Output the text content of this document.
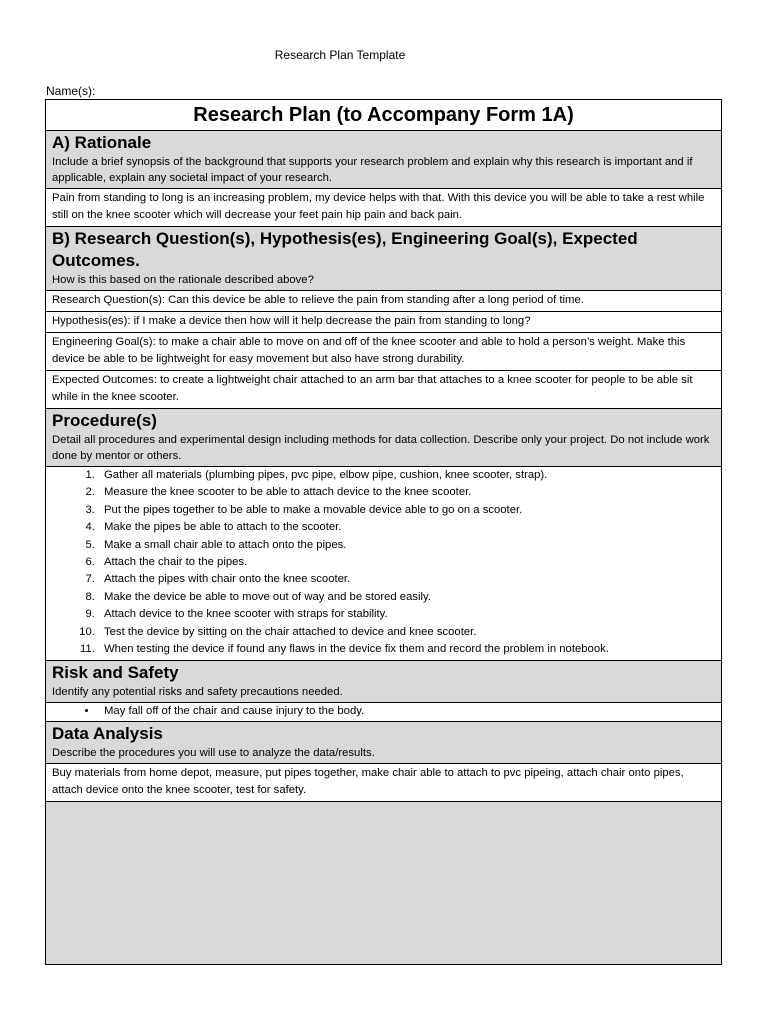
Research Plan Template
Name(s):
Research Plan (to Accompany Form 1A)
A) Rationale
Include a brief synopsis of the background that supports your research problem and explain why this research is important and if applicable, explain any societal impact of your research.
Pain from standing to long is an increasing problem, my device helps with that. With this device you will be able to take a rest while still on the knee scooter which will decrease your feet pain hip pain and back pain.
B) Research Question(s), Hypothesis(es), Engineering Goal(s), Expected Outcomes.
How is this based on the rationale described above?
Research Question(s): Can this device be able to relieve the pain from standing after a long period of time.
Hypothesis(es): if I make a device then how will it help decrease the pain from standing to long?
Engineering Goal(s): to make a chair able to move on and off of the knee scooter and able to hold a person’s weight. Make this device be able to be lightweight for easy movement but also have strong durability.
Expected Outcomes: to create a lightweight chair attached to an arm bar that attaches to a knee scooter for people to be able sit while in the knee scooter.
Procedure(s)
Detail all procedures and experimental design including methods for data collection. Describe only your project. Do not include work done by mentor or others.
1. Gather all materials (plumbing pipes, pvc pipe, elbow pipe, cushion, knee scooter, strap).
2. Measure the knee scooter to be able to attach device to the knee scooter.
3. Put the pipes together to be able to make a movable device able to go on a scooter.
4. Make the pipes be able to attach to the scooter.
5. Make a small chair able to attach onto the pipes.
6. Attach the chair to the pipes.
7. Attach the pipes with chair onto the knee scooter.
8. Make the device be able to move out of way and be stored easily.
9. Attach device to the knee scooter with straps for stability.
10. Test the device by sitting on the chair attached to device and knee scooter.
11. When testing the device if found any flaws in the device fix them and record the problem in notebook.
Risk and Safety
Identify any potential risks and safety precautions needed.
• May fall off of the chair and cause injury to the body.
Data Analysis
Describe the procedures you will use to analyze the data/results.
Buy materials from home depot, measure, put pipes together, make chair able to attach to pvc pipeing, attach chair onto pipes, attach device onto the knee scooter, test for safety.
